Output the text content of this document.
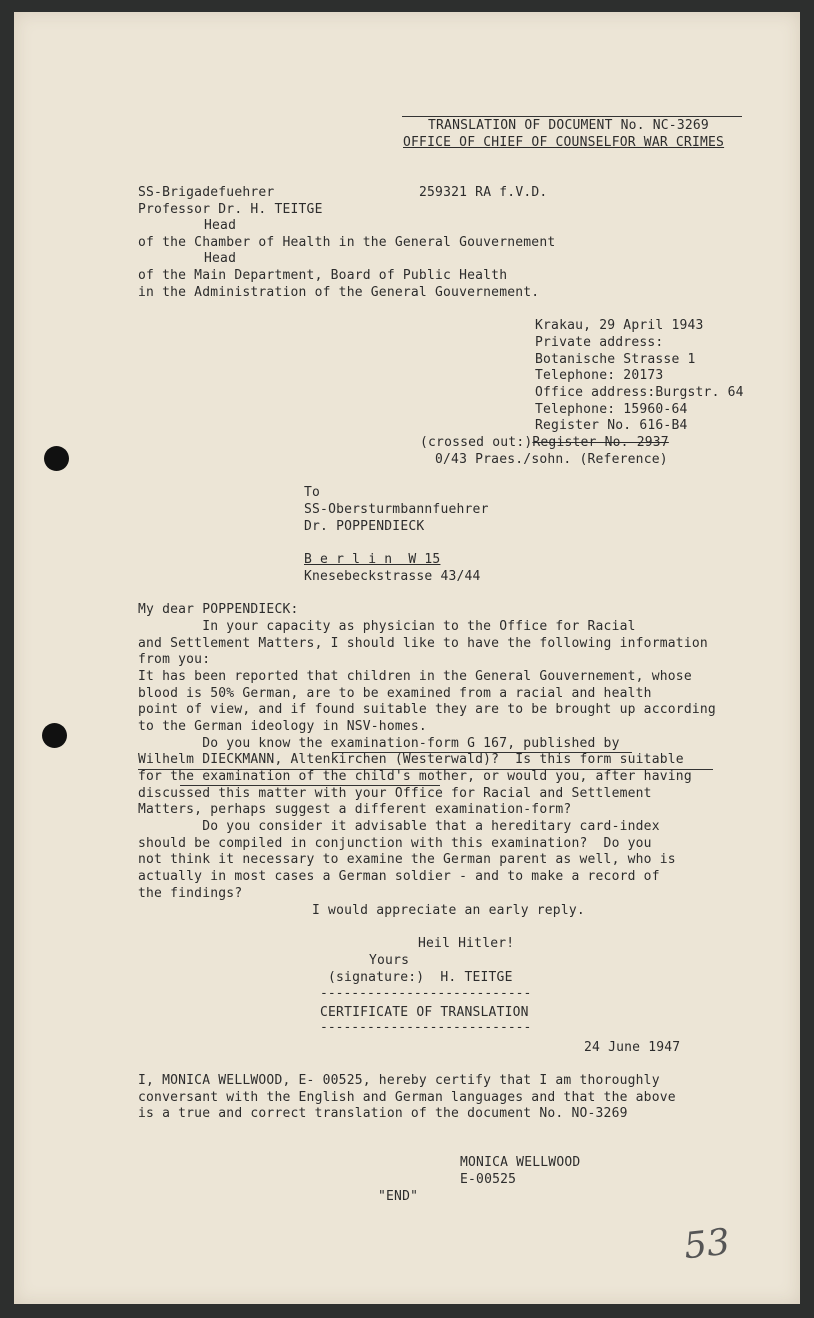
TRANSLATION OF DOCUMENT No. NC-3269
OFFICE OF CHIEF OF COUNSELFOR WAR CRIMES
SS-Brigadefuehrer	259321 RA f.V.D.
Professor Dr. H. TEITGE
Head
of the Chamber of Health in the General Gouvernement
Head
of the Main Department, Board of Public Health
in the Administration of the General Gouvernement.
Krakau, 29 April 1943
Private address:
Botanische Strasse 1
Telephone: 20173
Office address:Burgstr. 64
Telephone: 15960-64
Register No. 616-B4
(crossed out:)Register No. 2937
0/43 Praes./sohn. (Reference)
To
SS-Obersturmbannfuehrer
Dr. POPPENDIECK
B e r l i n  W 15
Knesebeckstrasse 43/44
My dear POPPENDIECK:
In your capacity as physician to the Office for Racial
and Settlement Matters, I should like to have the following information
from you:
It has been reported that children in the General Gouvernement, whose
blood is 50% German, are to be examined from a racial and health
point of view, and if found suitable they are to be brought up according
to the German ideology in NSV-homes.
Do you know the examination-form G 167, published by
Wilhelm DIECKMANN, Altenkirchen (Westerwald)?  Is this form suitable
for the examination of the child's mother, or would you, after having
discussed this matter with your Office for Racial and Settlement
Matters, perhaps suggest a different examination-form?
Do you consider it advisable that a hereditary card-index
should be compiled in conjunction with this examination?  Do you
not think it necessary to examine the German parent as well, who is
actually in most cases a German soldier - and to make a record of
the findings?
I would appreciate an early reply.
Heil Hitler!
Yours
(signature:)  H. TEITGE
---------------------------
CERTIFICATE OF TRANSLATION
---------------------------
24 June 1947
I, MONICA WELLWOOD, E- 00525, hereby certify that I am thoroughly
conversant with the English and German languages and that the above
is a true and correct translation of the document No. NO-3269
MONICA WELLWOOD
E-00525
"END"
53
